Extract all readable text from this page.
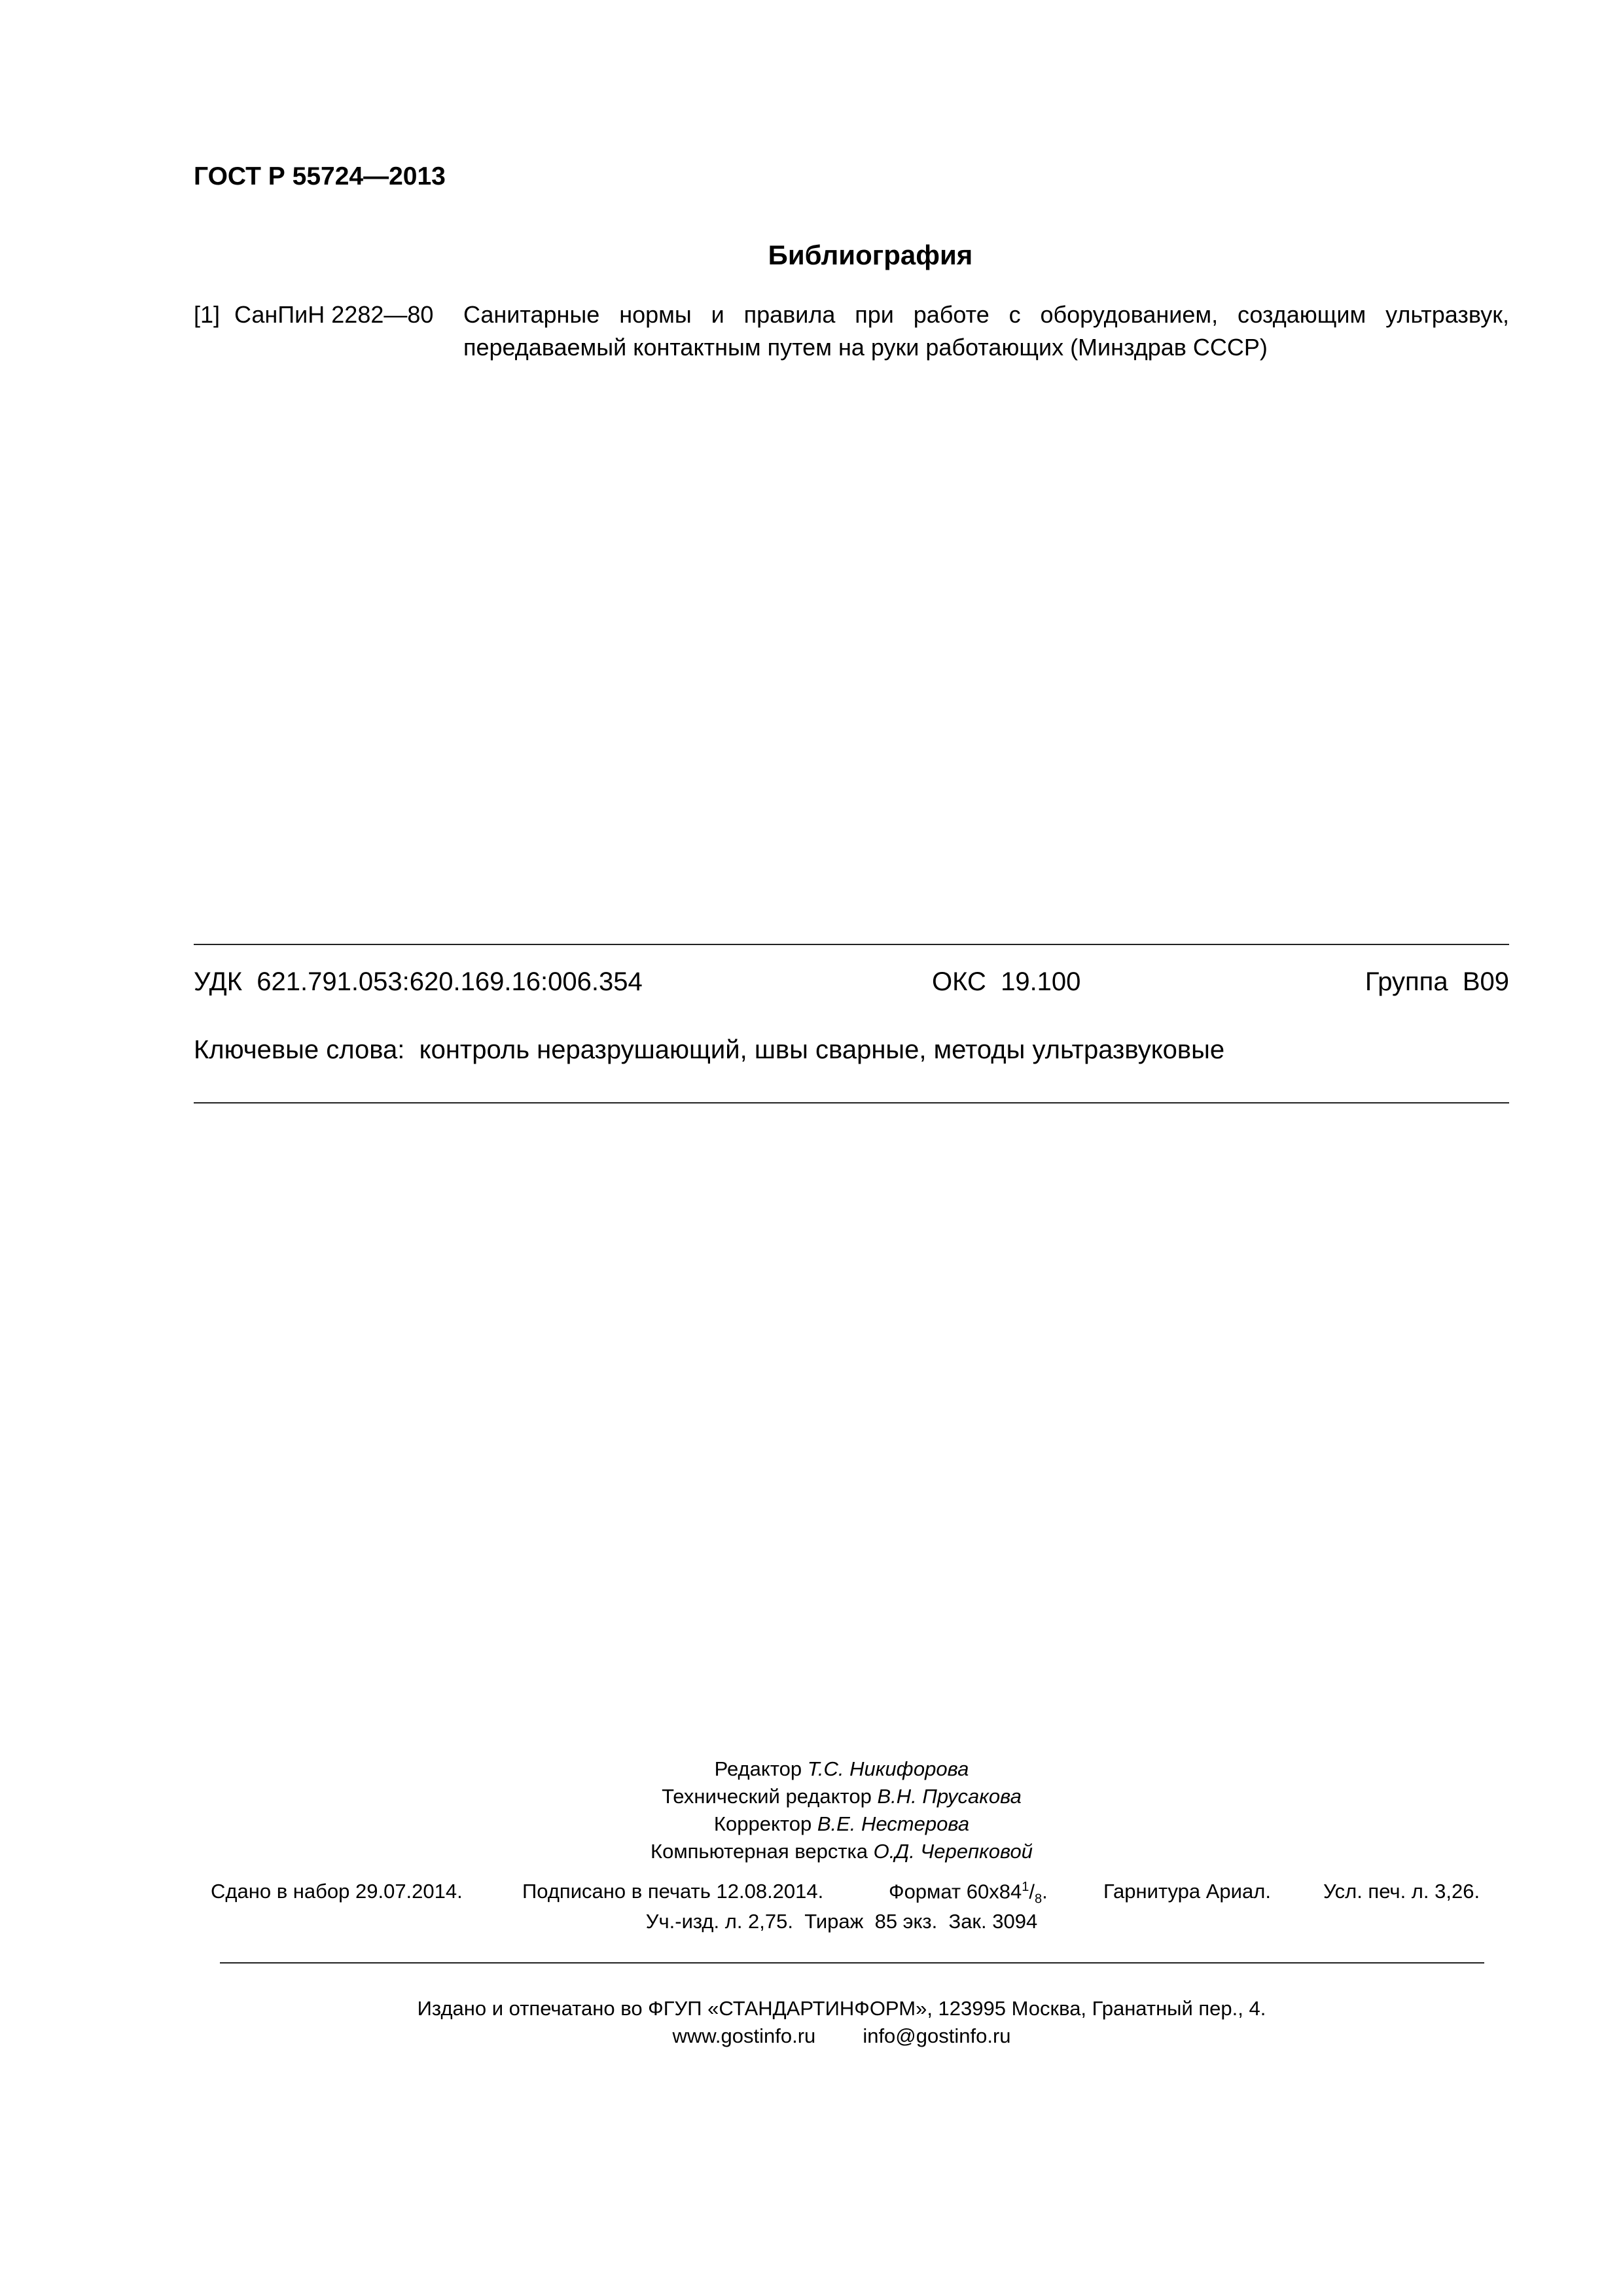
ГОСТ Р 55724—2013
Библиография
[1] СанПиН 2282—80 Санитарные нормы и правила при работе с оборудованием, создающим ультразвук, передаваемый контактным путем на руки работающих (Минздрав СССР)
УДК  621.791.053:620.169.16:006.354	ОКС  19.100	Группа  В09
Ключевые слова:  контроль неразрушающий, швы сварные, методы ультразвуковые
Редактор Т.С. Никифорова
Технический редактор В.Н. Прусакова
Корректор В.Е. Нестерова
Компьютерная верстка О.Д. Черепковой
Сдано в набор 29.07.2014.	Подписано в печать 12.08.2014.	Формат $60x84^1/_8$.	Гарнитура Ариал.	Усл. печ. л. 3,26.
Уч.-изд. л. 2,75. Тираж  85 экз. Зак. 3094
Издано и отпечатано во ФГУП «СТАНДАРТИНФОРМ», 123995 Москва, Гранатный пер., 4.
www.gostinfo.ru info@gostinfo.ru
